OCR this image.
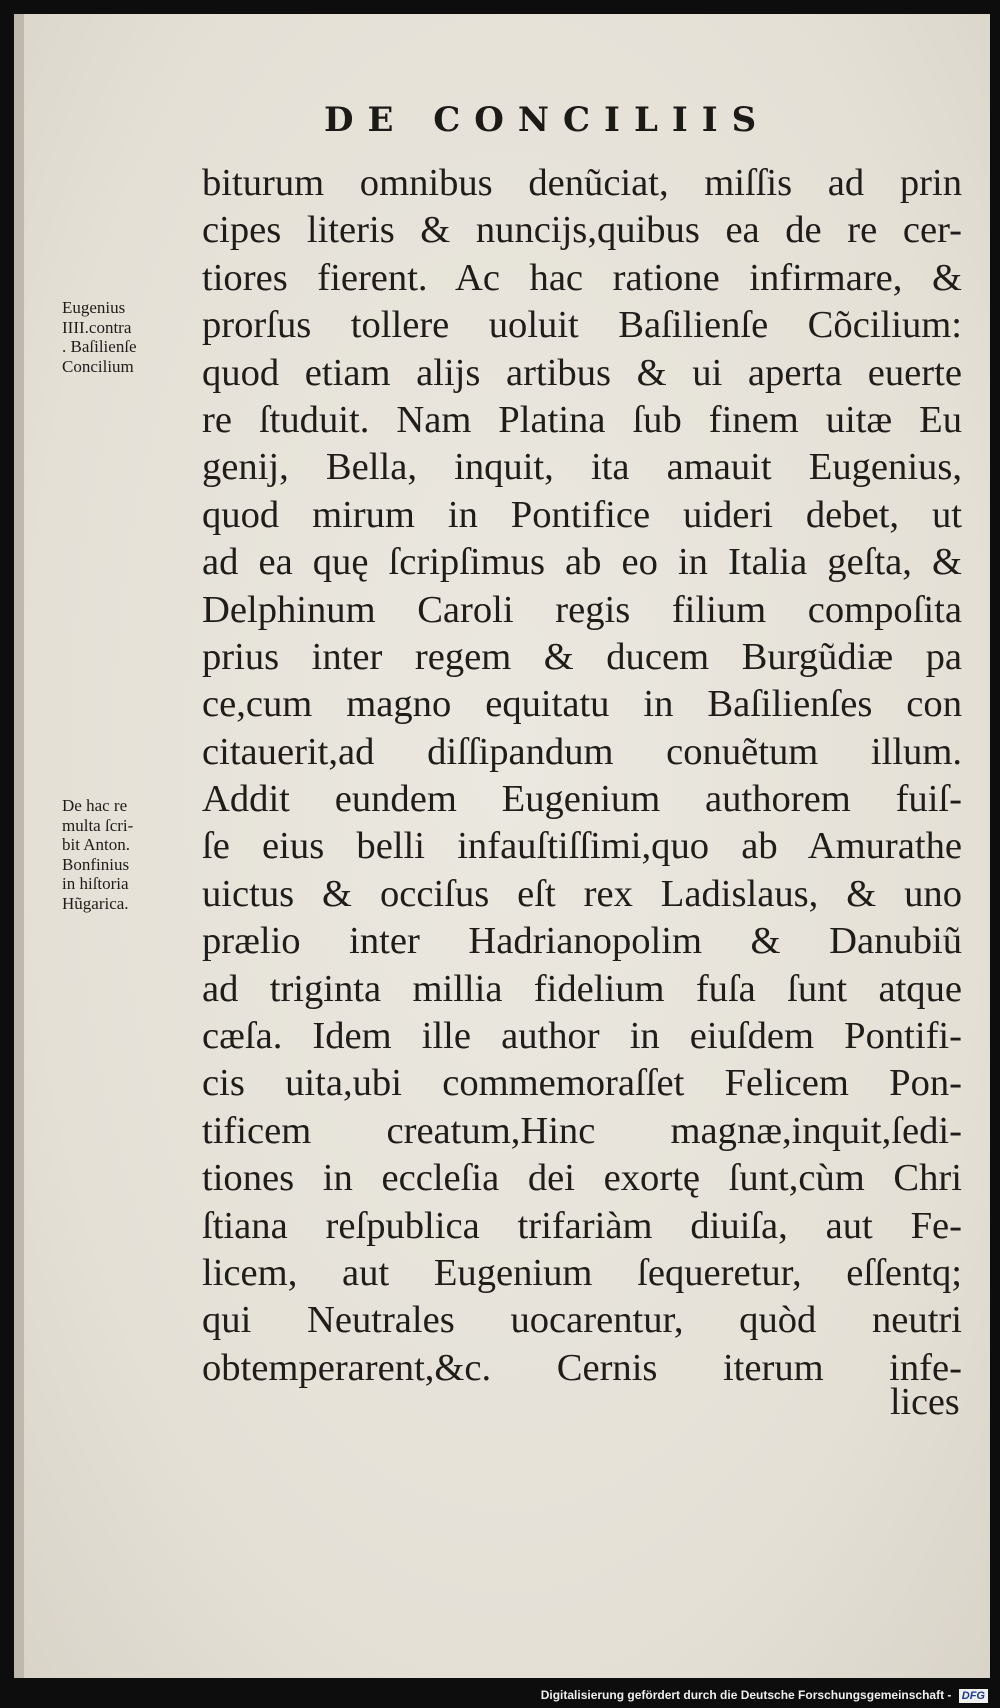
DE CONCILIIS
Eugenius
IIII.contra
. Baſilienſe
Concilium
De hac re
multa ſcri-
bit Anton.
Bonfinius
in hiſtoria
Hũgarica.
biturum omnibus denũciat, miſſis ad prin
cipes literis & nuncijs,quibus ea de re cer-
tiores fierent. Ac hac ratione infirmare, &
prorſus tollere uoluit Baſilienſe Cõcilium:
quod etiam alijs artibus & ui aperta euerte
re ſtuduit. Nam Platina ſub finem uitæ Eu
genij, Bella, inquit, ita amauit Eugenius,
quod mirum in Pontifice uideri debet, ut
ad ea quę ſcripſimus ab eo in Italia geſta, &
Delphinum Caroli regis filium compoſita
prius inter regem & ducem Burgũdiæ pa
ce,cum magno equitatu in Baſilienſes con
citauerit,ad diſſipandum conuẽtum illum.
Addit eundem Eugenium authorem fuiſ-
ſe eius belli infauſtiſſimi,quo ab Amurathe
uictus & occiſus eſt rex Ladislaus, & uno
prælio inter Hadrianopolim & Danubiũ
ad triginta millia fidelium fuſa ſunt atque
cæſa. Idem ille author in eiuſdem Pontifi-
cis uita,ubi commemoraſſet Felicem Pon-
tificem creatum,Hinc magnæ,inquit,ſedi-
tiones in eccleſia dei exortę ſunt,cùm Chri
ſtiana reſpublica trifariàm diuiſa, aut Fe-
licem, aut Eugenium ſequeretur, eſſentq;
qui Neutrales uocarentur, quòd neutri
obtemperarent,&c. Cernis iterum infe-
lices
Digitalisierung gefördert durch die Deutsche Forschungsgemeinschaft - DFG
